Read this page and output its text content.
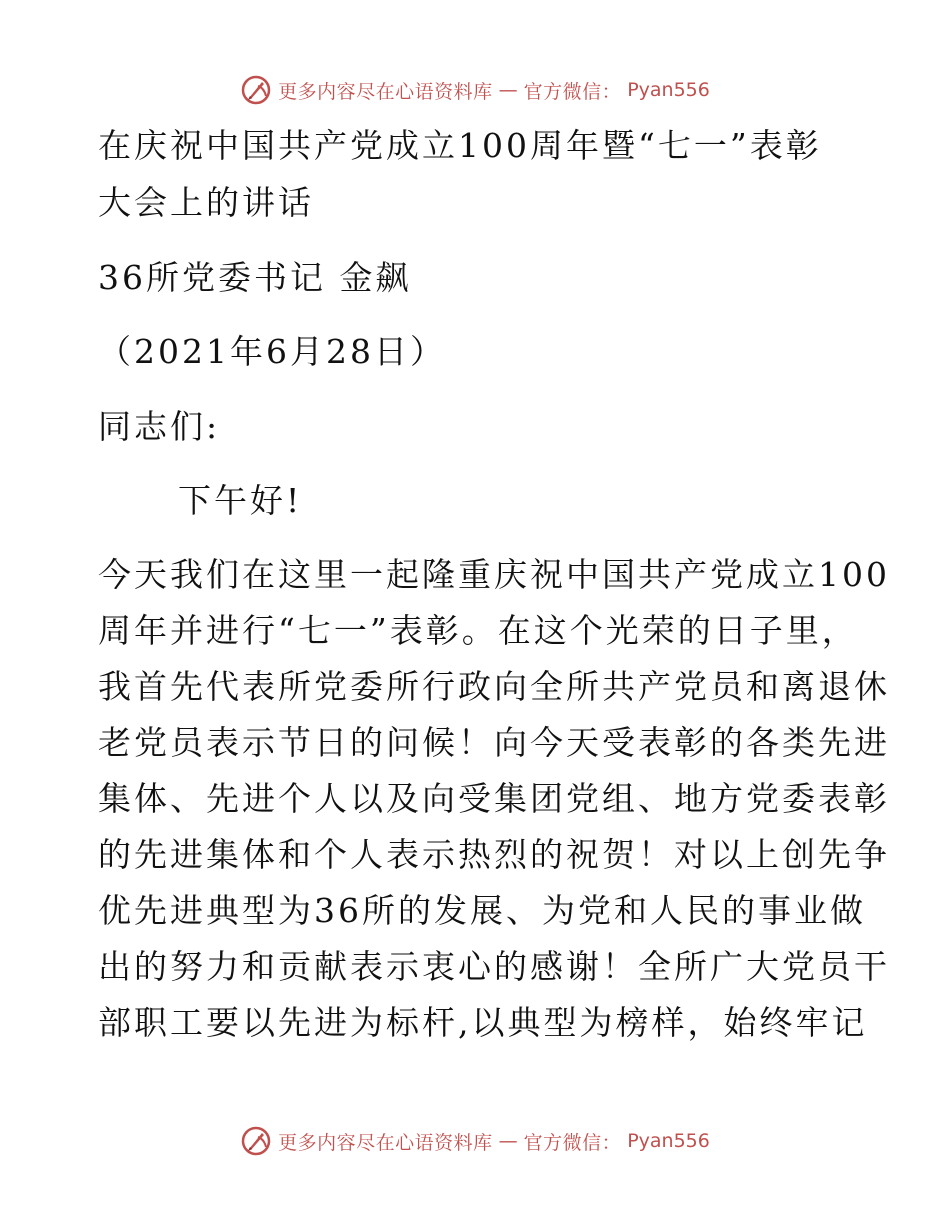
更多内容尽在心语资料库 — 官方微信： Pyan556
在庆祝中国共产党成立100周年暨“七一”表彰
大会上的讲话
36所党委书记 金飙
（2021年6月28日）
同志们:
下午好!
今天我们在这里一起隆重庆祝中国共产党成立100
周年并进行“七一”表彰。在这个光荣的日子里，
我首先代表所党委所行政向全所共产党员和离退休
老党员表示节日的问候！向今天受表彰的各类先进
集体、先进个人以及向受集团党组、地方党委表彰
的先进集体和个人表示热烈的祝贺！对以上创先争
优先进典型为36所的发展、为党和人民的事业做
出的努力和贡献表示衷心的感谢！全所广大党员干
部职工要以先进为标杆,以典型为榜样，始终牢记
更多内容尽在心语资料库 — 官方微信： Pyan556
